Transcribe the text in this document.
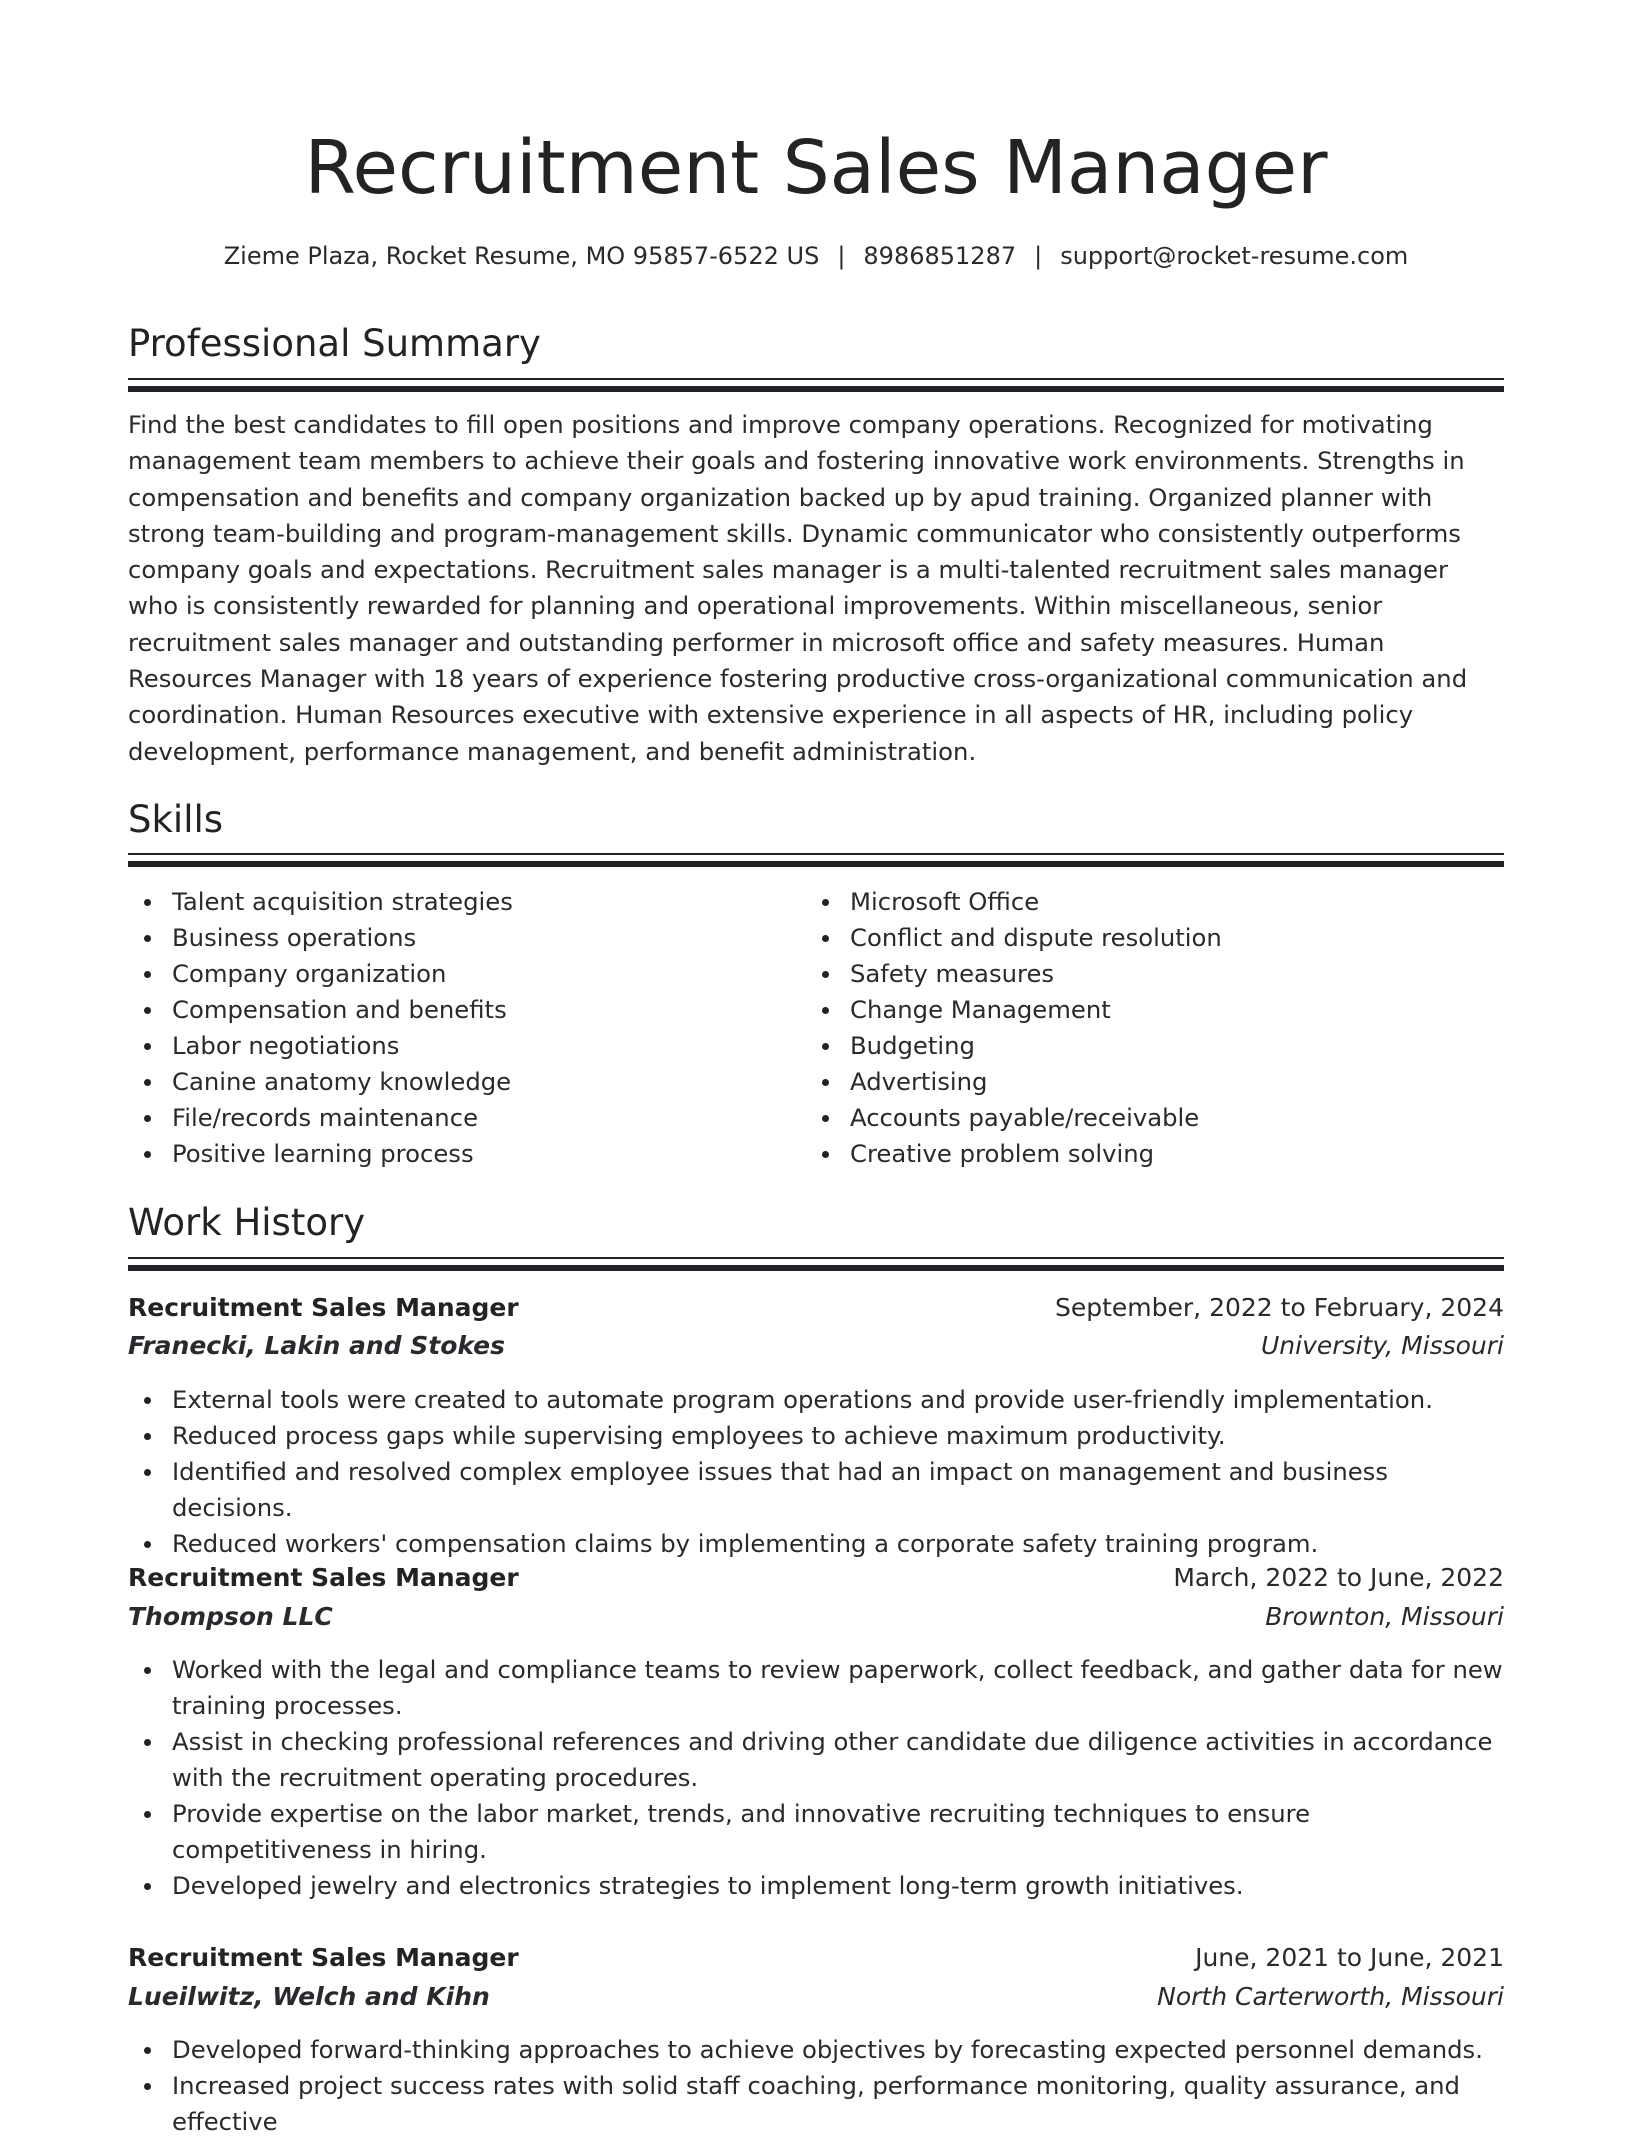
Recruitment Sales Manager
Zieme Plaza, Rocket Resume, MO 95857-6522 US | 8986851287 | support@rocket-resume.com
Professional Summary

Find the best candidates to fill open positions and improve company operations. Recognized for motivating management team members to achieve their goals and fostering innovative work environments. Strengths in compensation and benefits and company organization backed up by apud training. Organized planner with strong team-building and program-management skills. Dynamic communicator who consistently outperforms company goals and expectations. Recruitment sales manager is a multi-talented recruitment sales manager who is consistently rewarded for planning and operational improvements. Within miscellaneous, senior recruitment sales manager and outstanding performer in microsoft office and safety measures. Human Resources Manager with 18 years of experience fostering productive cross-organizational communication and coordination. Human Resources executive with extensive experience in all aspects of HR, including policy development, performance management, and benefit administration.

Skills
Talent acquisition strategies
Business operations
Company organization
Compensation and benefits
Labor negotiations
Canine anatomy knowledge
File/records maintenance
Positive learning process
Microsoft Office
Conflict and dispute resolution
Safety measures
Change Management
Budgeting
Advertising
Accounts payable/receivable
Creative problem solving
Work History
Recruitment Sales Manager	September, 2022 to February, 2024
Franecki, Lakin and Stokes	University, Missouri
External tools were created to automate program operations and provide user-friendly implementation.
Reduced process gaps while supervising employees to achieve maximum productivity.
Identified and resolved complex employee issues that had an impact on management and business decisions.
Reduced workers' compensation claims by implementing a corporate safety training program.
Recruitment Sales Manager	March, 2022 to June, 2022
Thompson LLC	Brownton, Missouri
Worked with the legal and compliance teams to review paperwork, collect feedback, and gather data for new training processes.
Assist in checking professional references and driving other candidate due diligence activities in accordance with the recruitment operating procedures.
Provide expertise on the labor market, trends, and innovative recruiting techniques to ensure competitiveness in hiring.
Developed jewelry and electronics strategies to implement long-term growth initiatives.
Recruitment Sales Manager	June, 2021 to June, 2021
Lueilwitz, Welch and Kihn	North Carterworth, Missouri
Developed forward-thinking approaches to achieve objectives by forecasting expected personnel demands.
Increased project success rates with solid staff coaching, performance monitoring, quality assurance, and effective
